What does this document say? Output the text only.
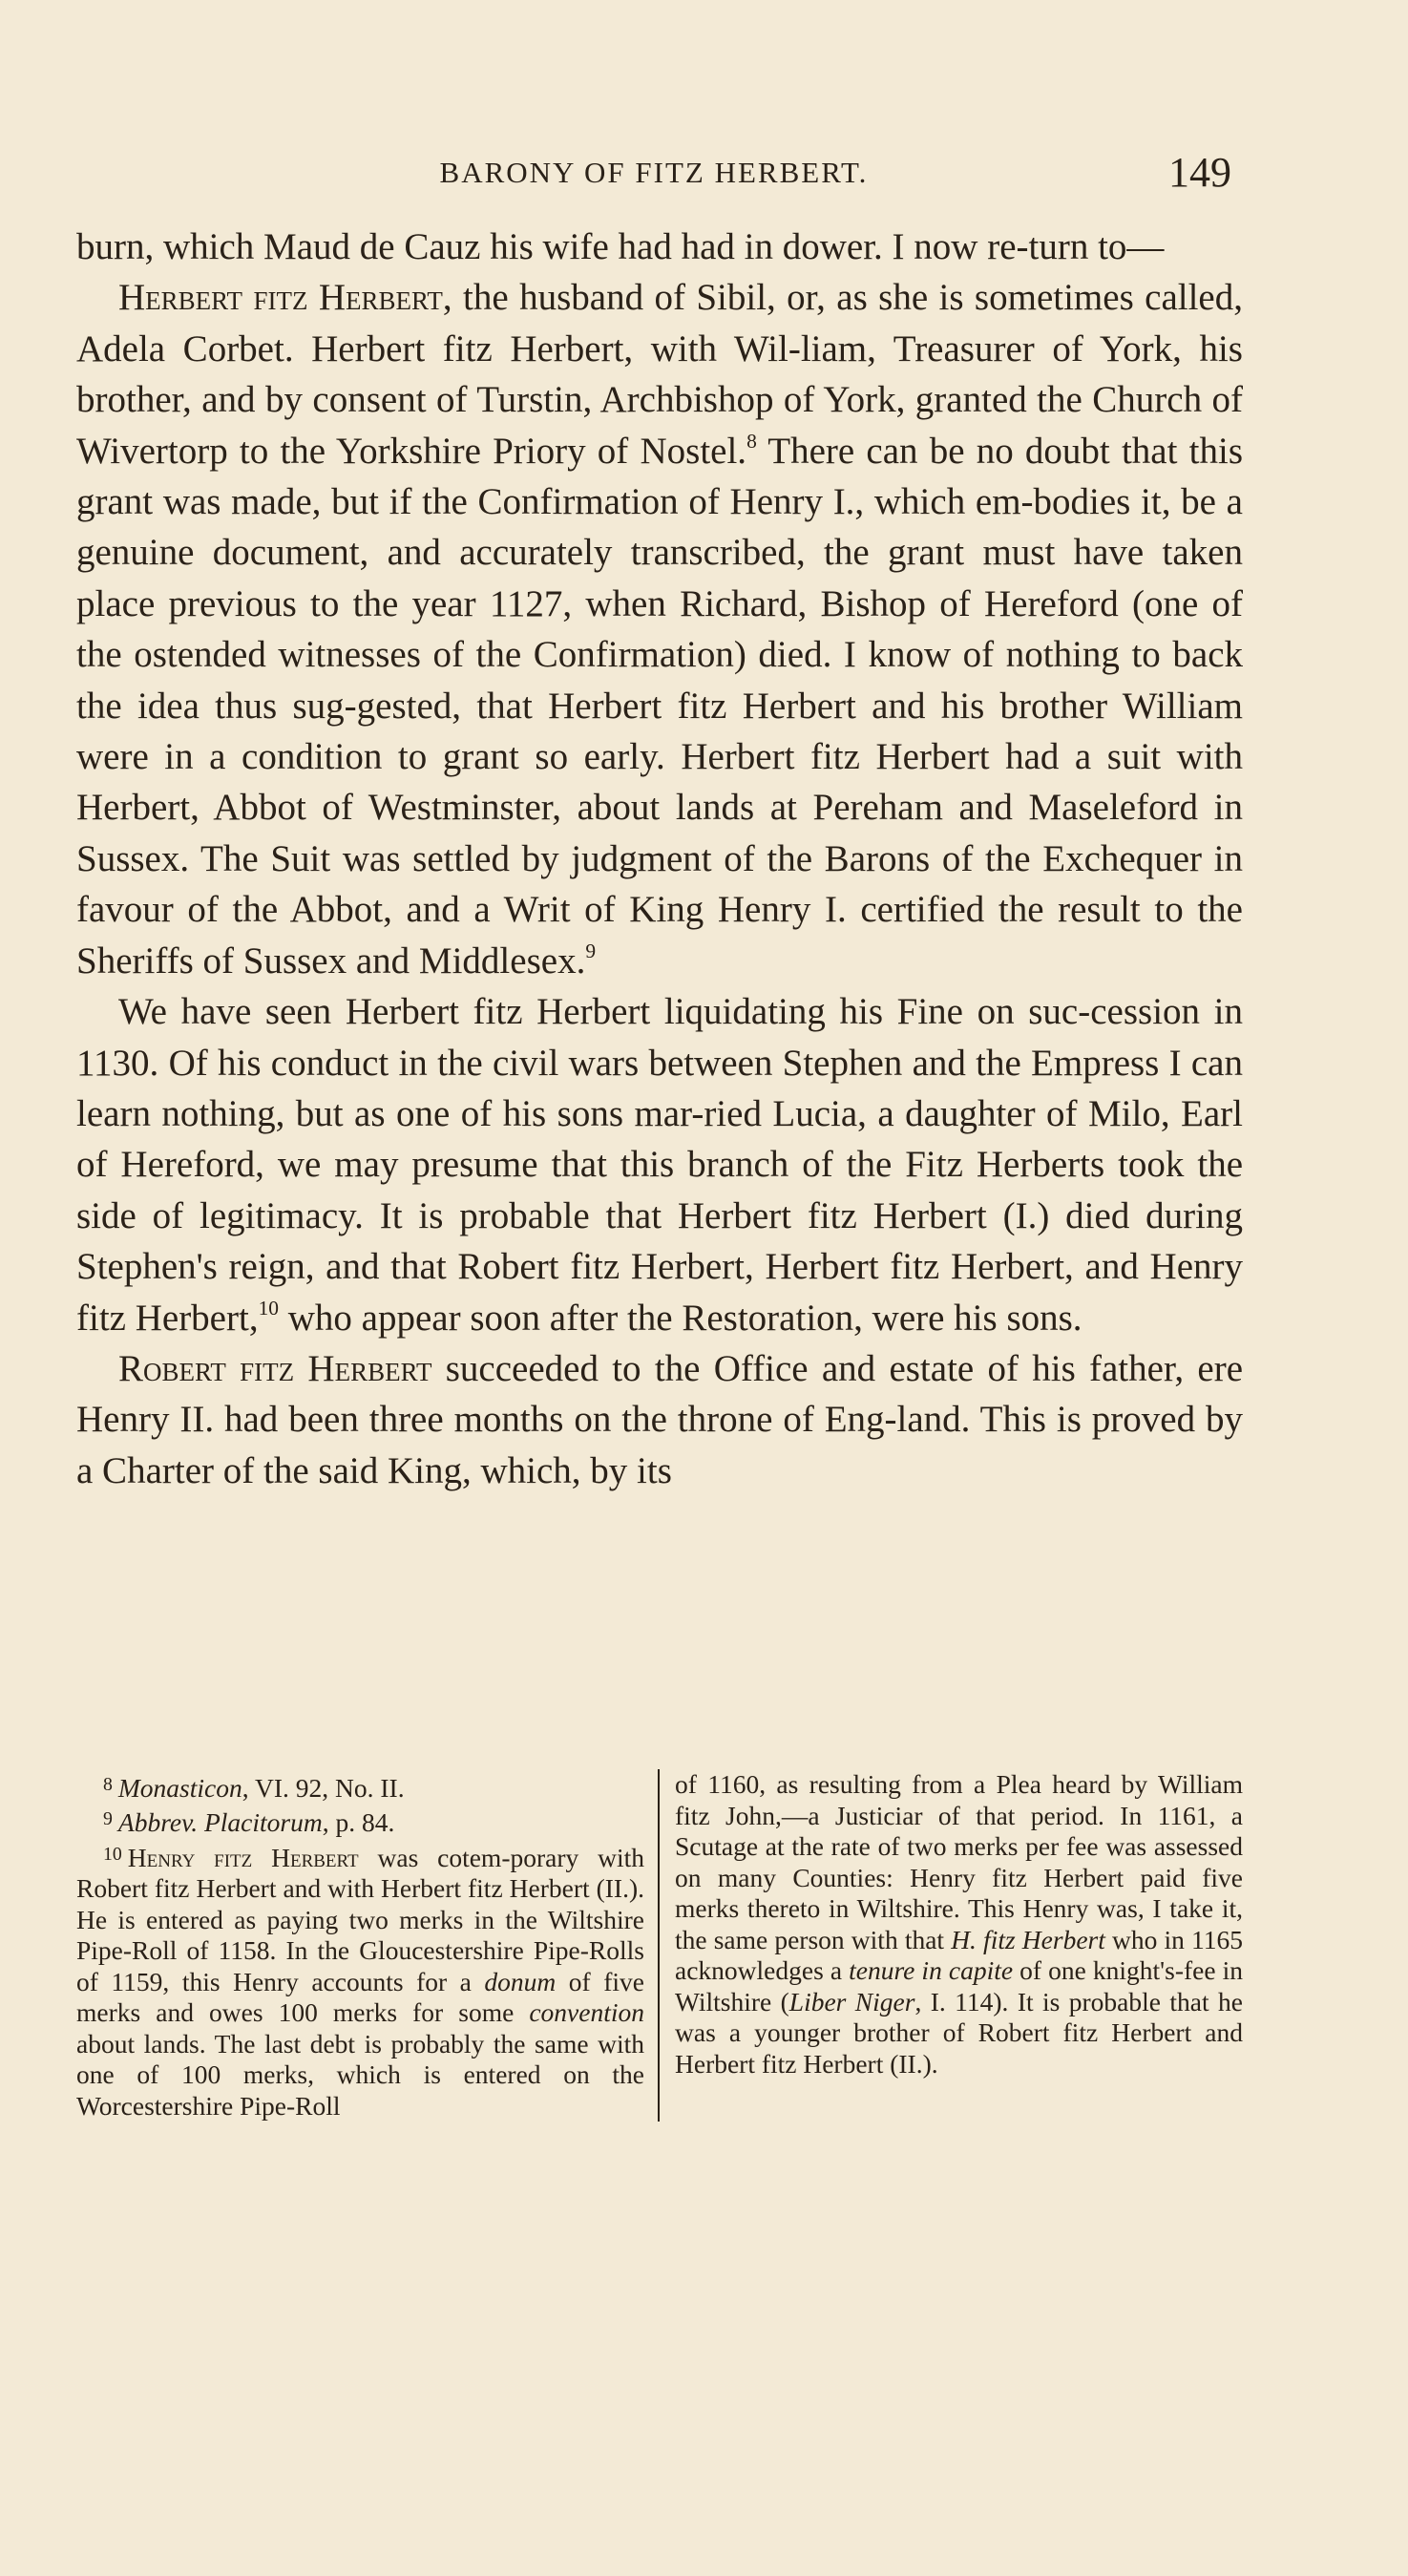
BARONY OF FITZ HERBERT.	149

burn, which Maud de Cauz his wife had had in dower. I now re-turn to—

Herbert fitz Herbert, the husband of Sibil, or, as she is sometimes called, Adela Corbet. Herbert fitz Herbert, with Wil-liam, Treasurer of York, his brother, and by consent of Turstin, Archbishop of York, granted the Church of Wivertorp to the Yorkshire Priory of Nostel.$^8$ There can be no doubt that this grant was made, but if the Confirmation of Henry I., which em-bodies it, be a genuine document, and accurately transcribed, the grant must have taken place previous to the year 1127, when Richard, Bishop of Hereford (one of the ostended witnesses of the Confirmation) died. I know of nothing to back the idea thus sug-gested, that Herbert fitz Herbert and his brother William were in a condition to grant so early. Herbert fitz Herbert had a suit with Herbert, Abbot of Westminster, about lands at Pereham and Maseleford in Sussex. The Suit was settled by judgment of the Barons of the Exchequer in favour of the Abbot, and a Writ of King Henry I. certified the result to the Sheriffs of Sussex and Middlesex.$^9$

We have seen Herbert fitz Herbert liquidating his Fine on suc-cession in 1130. Of his conduct in the civil wars between Stephen and the Empress I can learn nothing, but as one of his sons mar-ried Lucia, a daughter of Milo, Earl of Hereford, we may presume that this branch of the Fitz Herberts took the side of legitimacy. It is probable that Herbert fitz Herbert (I.) died during Stephen's reign, and that Robert fitz Herbert, Herbert fitz Herbert, and Henry fitz Herbert,$^{10}$ who appear soon after the Restoration, were his sons.

Robert fitz Herbert succeeded to the Office and estate of his father, ere Henry II. had been three months on the throne of Eng-land. This is proved by a Charter of the said King, which, by its

$^8$ Monasticon, VI. 92, No. II.

$^9$ Abbrev. Placitorum, p. 84.

$^{10}$ Henry fitz Herbert was cotem-porary with Robert fitz Herbert and with Herbert fitz Herbert (II.). He is entered as paying two merks in the Wiltshire Pipe-Roll of 1158. In the Gloucestershire Pipe-Rolls of 1159, this Henry accounts for a donum of five merks and owes 100 merks for some convention about lands. The last debt is probably the same with one of 100 merks, which is entered on the Worcestershire Pipe-Roll

of 1160, as resulting from a Plea heard by William fitz John,—a Justiciar of that period. In 1161, a Scutage at the rate of two merks per fee was assessed on many Counties: Henry fitz Herbert paid five merks thereto in Wiltshire. This Henry was, I take it, the same person with that H. fitz Herbert who in 1165 acknowledges a tenure in capite of one knight's-fee in Wiltshire (Liber Niger, I. 114). It is probable that he was a younger brother of Robert fitz Herbert and Herbert fitz Herbert (II.).
